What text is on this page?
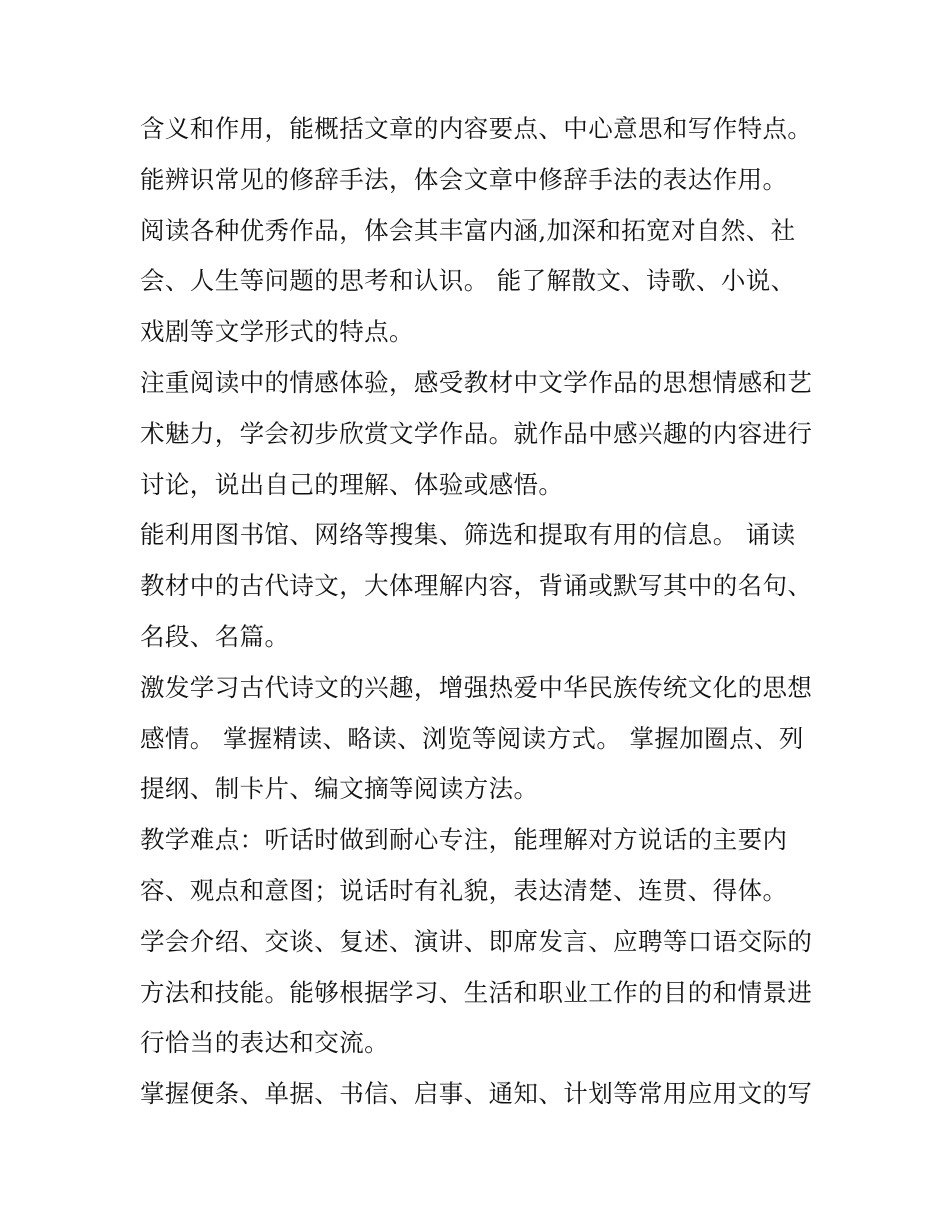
含义和作用，能概括文章的内容要点、中心意思和写作特点。
能辨识常见的修辞手法，体会文章中修辞手法的表达作用。
阅读各种优秀作品，体会其丰富内涵,加深和拓宽对自然、社
会、人生等问题的思考和认识。 能了解散文、诗歌、小说、
戏剧等文学形式的特点。
注重阅读中的情感体验，感受教材中文学作品的思想情感和艺
术魅力，学会初步欣赏文学作品。就作品中感兴趣的内容进行
讨论，说出自己的理解、体验或感悟。
能利用图书馆、网络等搜集、筛选和提取有用的信息。 诵读
教材中的古代诗文，大体理解内容，背诵或默写其中的名句、
名段、名篇。
激发学习古代诗文的兴趣，增强热爱中华民族传统文化的思想
感情。 掌握精读、略读、浏览等阅读方式。 掌握加圈点、列
提纲、制卡片、编文摘等阅读方法。
教学难点：听话时做到耐心专注，能理解对方说话的主要内
容、观点和意图；说话时有礼貌，表达清楚、连贯、得体。
学会介绍、交谈、复述、演讲、即席发言、应聘等口语交际的
方法和技能。能够根据学习、生活和职业工作的目的和情景进
行恰当的表达和交流。
掌握便条、单据、书信、启事、通知、计划等常用应用文的写
